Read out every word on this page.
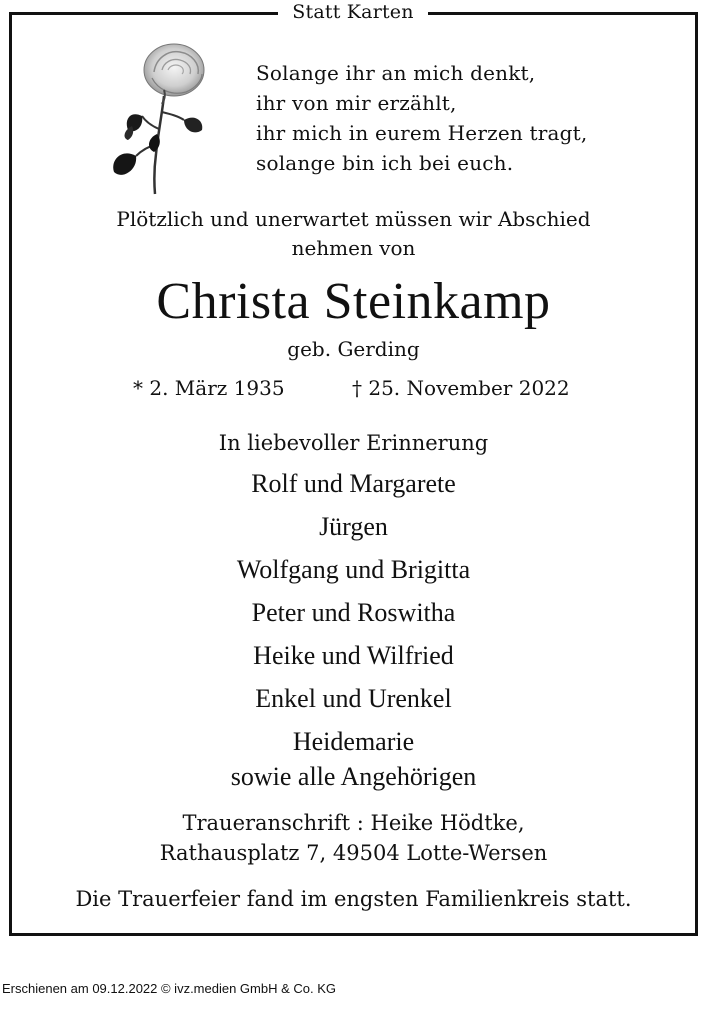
Statt Karten
Solange ihr an mich denkt,
ihr von mir erzählt,
ihr mich in eurem Herzen tragt,
solange bin ich bei euch.
Plötzlich und unerwartet müssen wir Abschied
nehmen von
Christa Steinkamp
geb. Gerding
* 2. März 1935	† 25. November 2022
In liebevoller Erinnerung
Rolf und Margarete
Jürgen
Wolfgang und Brigitta
Peter und Roswitha
Heike und Wilfried
Enkel und Urenkel
Heidemarie
sowie alle Angehörigen
Traueranschrift : Heike Hödtke,
Rathausplatz 7, 49504 Lotte-Wersen
Die Trauerfeier fand im engsten Familienkreis statt.
Erschienen am 09.12.2022 © ivz.medien GmbH & Co. KG
